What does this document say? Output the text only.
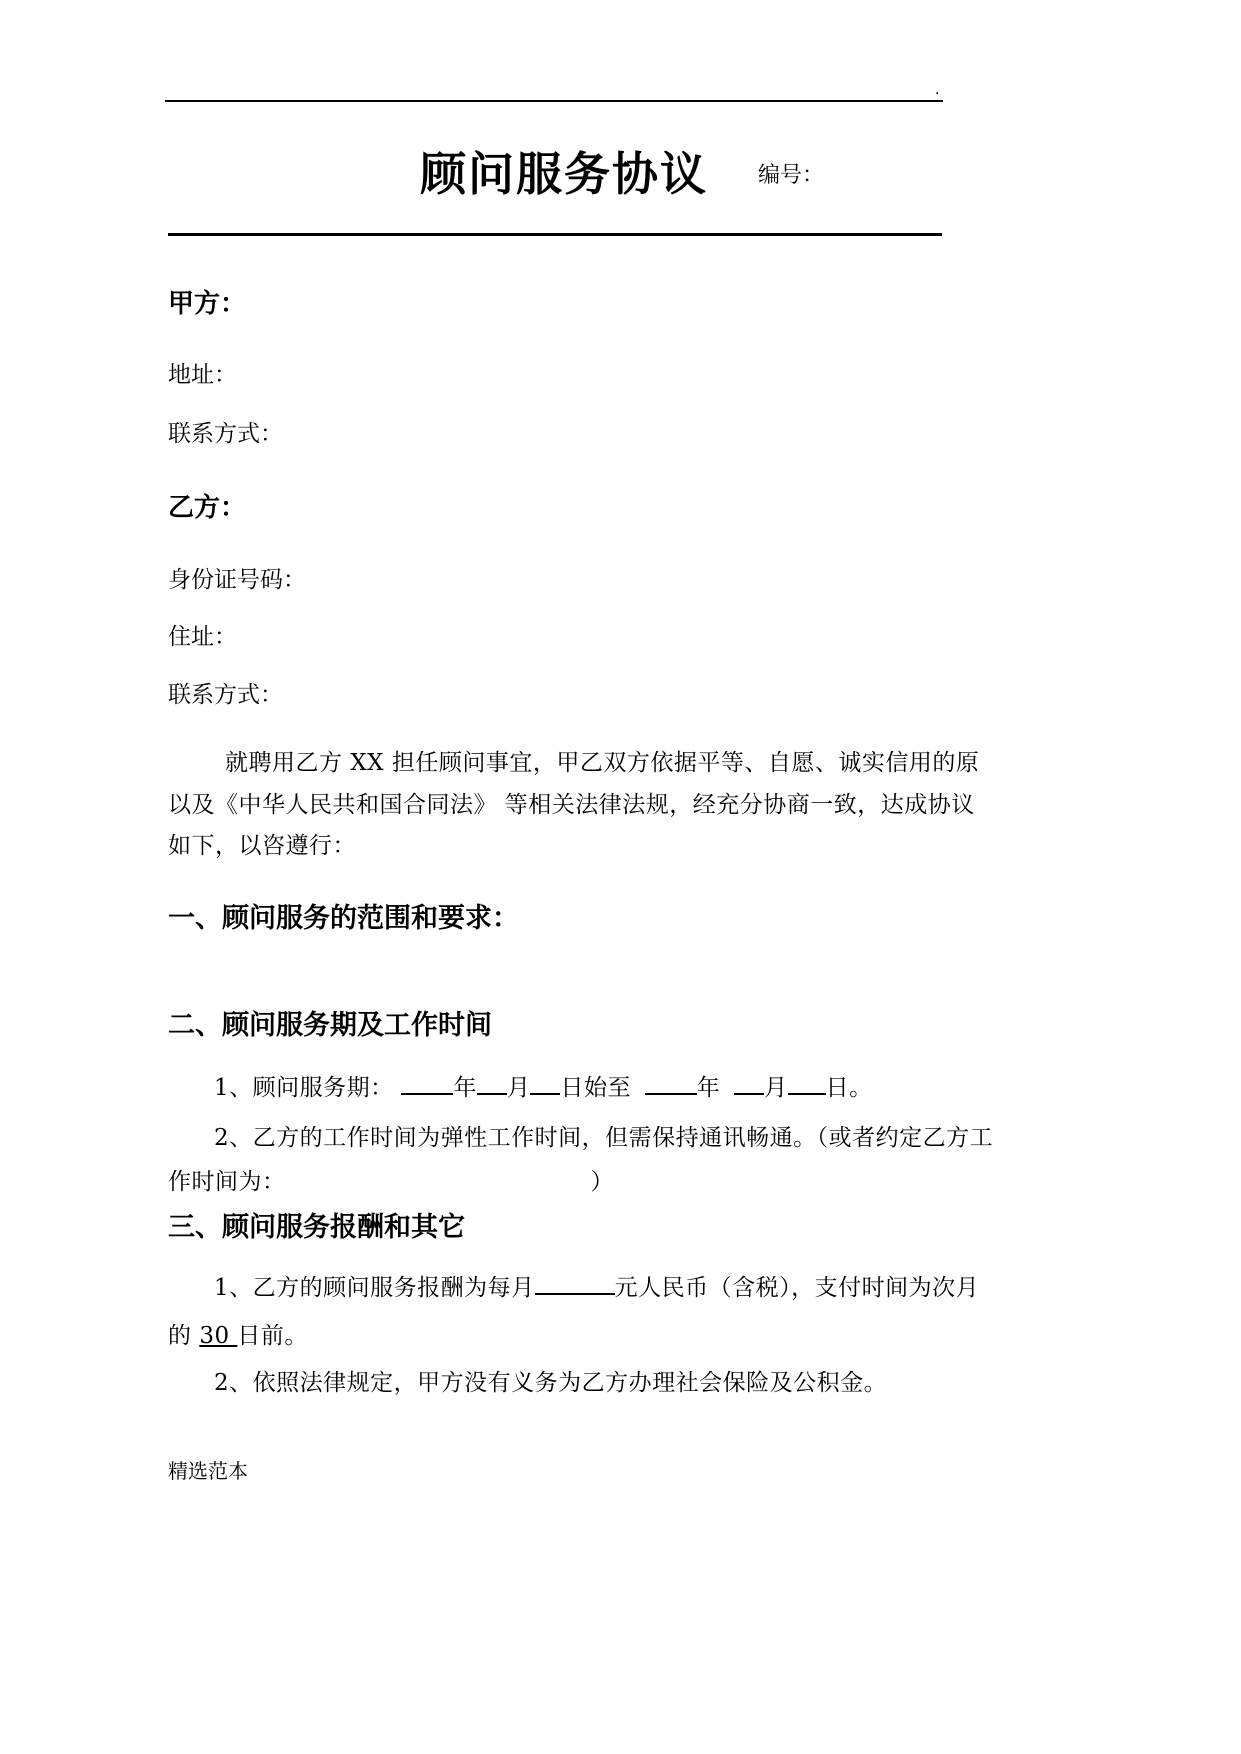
.
顾问服务协议 编号：
甲方：
地址：
联系方式：
乙方：
身份证号码：
住址：
联系方式：
就聘用乙方 XX 担任顾问事宜，甲乙双方依据平等、自愿、诚实信用的原
以及《中华人民共和国合同法》 等相关法律法规，经充分协商一致，达成协议
如下，以咨遵行：
一、顾问服务的范围和要求：
二、顾问服务期及工作时间
1、顾问服务期：	年 月 日始至	年 月 日。
2、乙方的工作时间为弹性工作时间，但需保持通讯畅通。（或者约定乙方工
作时间为：	）
三、顾问服务报酬和其它
1、乙方的顾问服务报酬为每月	元人民币（含税），支付时间为次月
的 30 日前。
2、依照法律规定，甲方没有义务为乙方办理社会保险及公积金。
精选范本
